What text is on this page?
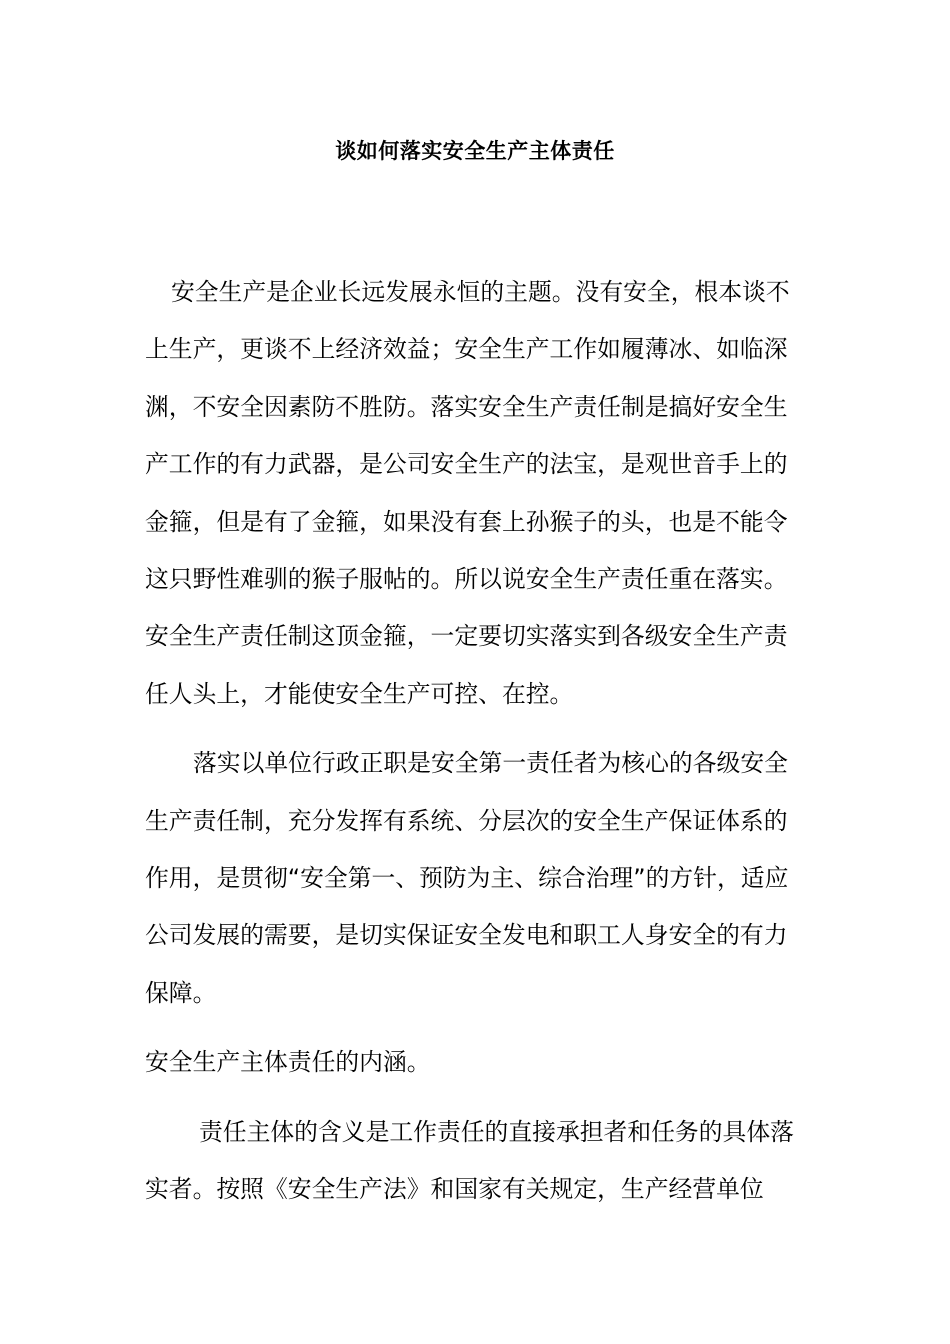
谈如何落实安全生产主体责任

安全生产是企业长远发展永恒的主题。没有安全，根本谈不上生产，更谈不上经济效益；安全生产工作如履薄冰、如临深渊，不安全因素防不胜防。落实安全生产责任制是搞好安全生产工作的有力武器，是公司安全生产的法宝，是观世音手上的金箍，但是有了金箍，如果没有套上孙猴子的头，也是不能令这只野性难驯的猴子服帖的。所以说安全生产责任重在落实。安全生产责任制这顶金箍，一定要切实落实到各级安全生产责任人头上，才能使安全生产可控、在控。

落实以单位行政正职是安全第一责任者为核心的各级安全生产责任制，充分发挥有系统、分层次的安全生产保证体系的作用，是贯彻“安全第一、预防为主、综合治理”的方针，适应公司发展的需要，是切实保证安全发电和职工人身安全的有力保障。

安全生产主体责任的内涵。

责任主体的含义是工作责任的直接承担者和任务的具体落实者。按照《安全生产法》和国家有关规定，生产经营单位
